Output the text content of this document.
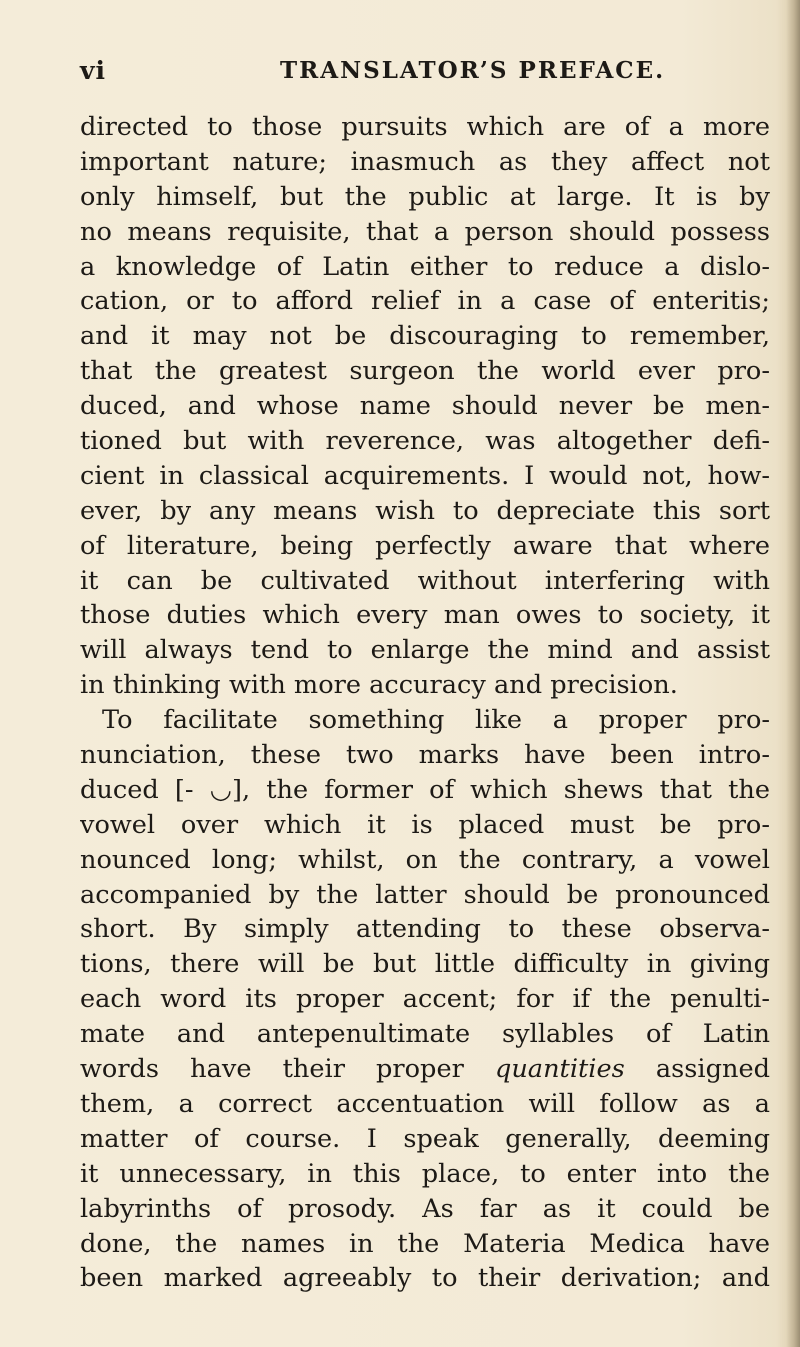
vi	TRANSLATOR’S PREFACE.
directed to those pursuits which are of a more
important nature; inasmuch as they affect not
only himself, but the public at large. It is by
no means requisite, that a person should possess
a knowledge of Latin either to reduce a dislo-
cation, or to afford relief in a case of enteritis;
and it may not be discouraging to remember,
that the greatest surgeon the world ever pro-
duced, and whose name should never be men-
tioned but with reverence, was altogether defi-
cient in classical acquirements. I would not, how-
ever, by any means wish to depreciate this sort
of literature, being perfectly aware that where
it can be cultivated without interfering with
those duties which every man owes to society, it
will always tend to enlarge the mind and assist
in thinking with more accuracy and precision.
To facilitate something like a proper pro-
nunciation, these two marks have been intro-
duced [- ◡], the former of which shews that the
vowel over which it is placed must be pro-
nounced long; whilst, on the contrary, a vowel
accompanied by the latter should be pronounced
short. By simply attending to these observa-
tions, there will be but little difficulty in giving
each word its proper accent; for if the penulti-
mate and antepenultimate syllables of Latin
words have their proper quantities assigned
them, a correct accentuation will follow as a
matter of course. I speak generally, deeming
it unnecessary, in this place, to enter into the
labyrinths of prosody. As far as it could be
done, the names in the Materia Medica have
been marked agreeably to their derivation; and
